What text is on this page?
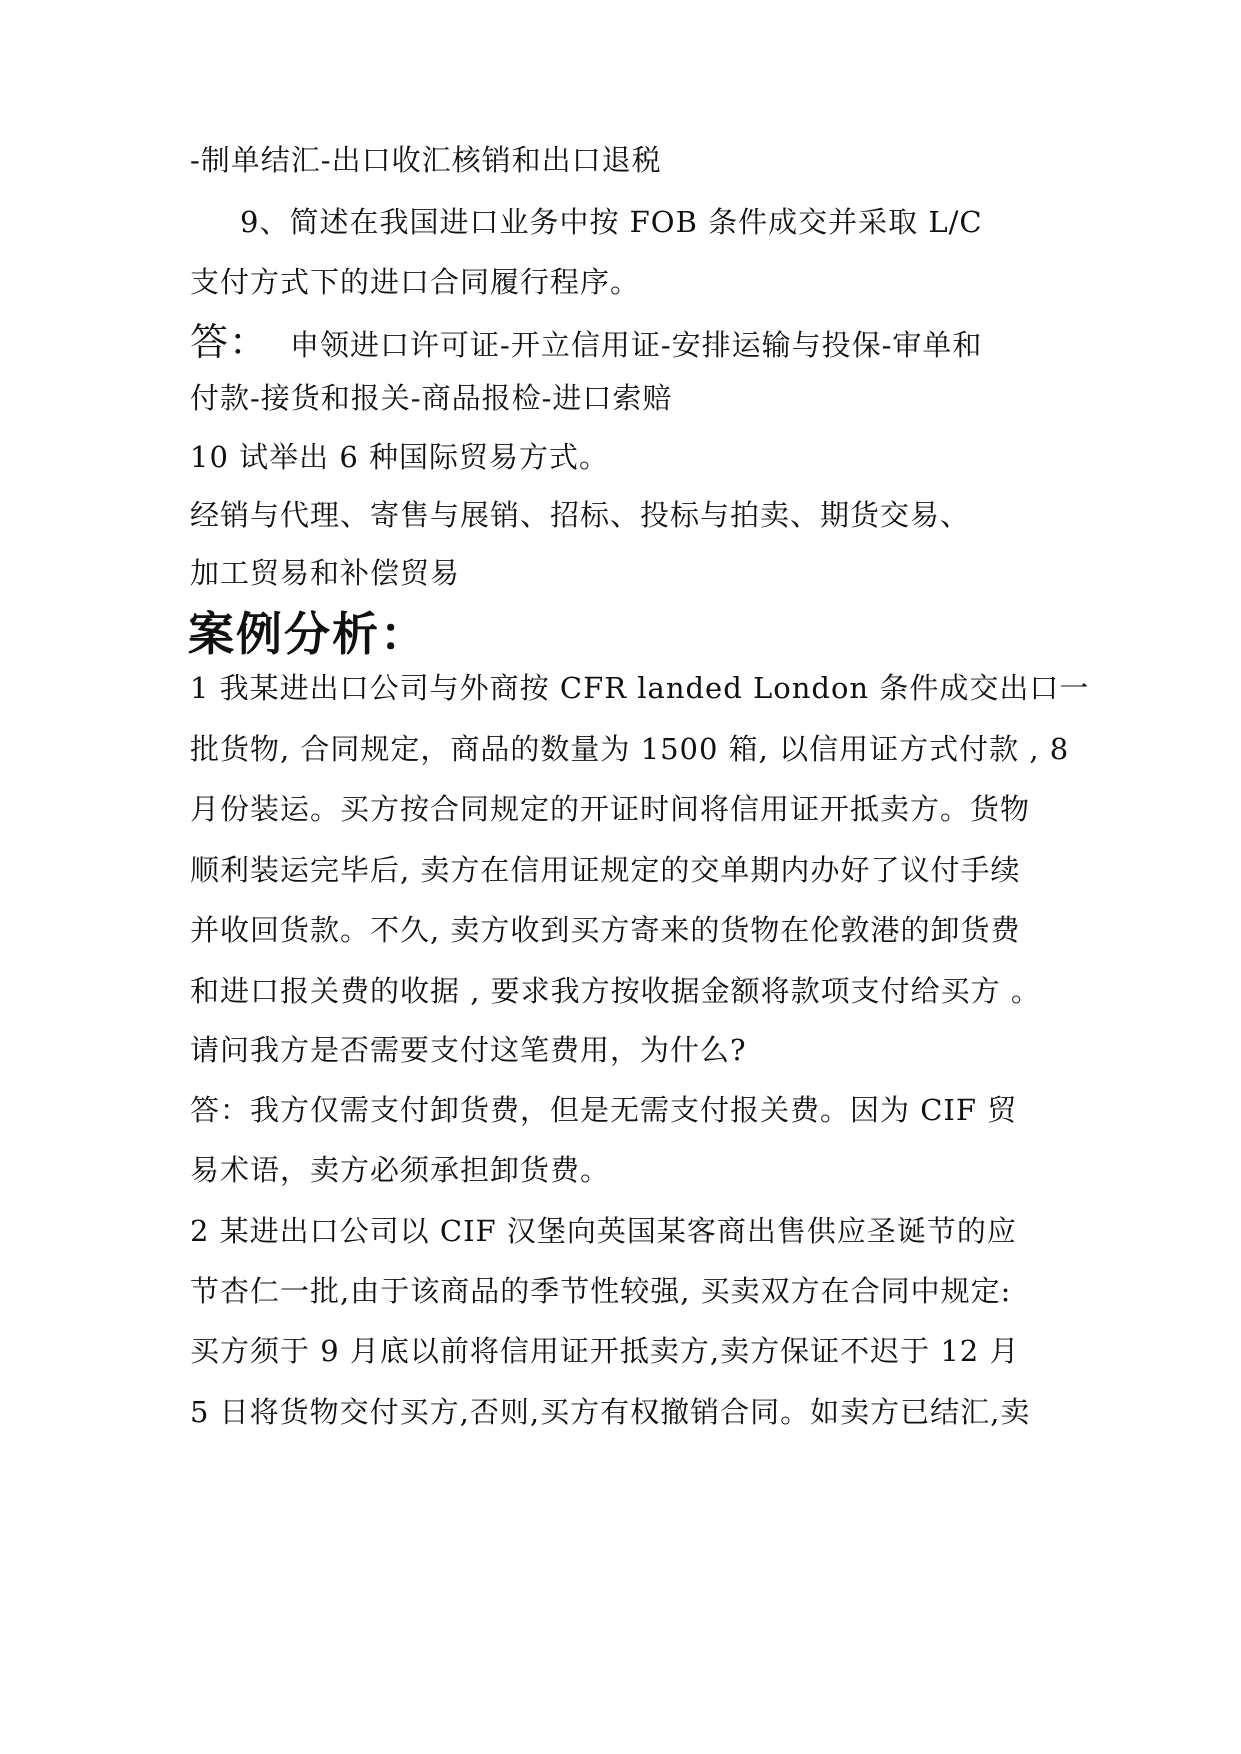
-制单结汇-出口收汇核销和出口退税
9、简述在我国进口业务中按 FOB 条件成交并采取 L/C
支付方式下的进口合同履行程序。
答： 申领进口许可证-开立信用证-安排运输与投保-审单和
付款-接货和报关-商品报检-进口索赔
10 试举出 6 种国际贸易方式。
经销与代理、寄售与展销、招标、投标与拍卖、期货交易、
加工贸易和补偿贸易
案例分析：
1 我某进出口公司与外商按 CFR landed London 条件成交出口一
批货物, 合同规定，商品的数量为 1500 箱, 以信用证方式付款 , 8
月份装运。买方按合同规定的开证时间将信用证开抵卖方。货物
顺利装运完毕后, 卖方在信用证规定的交单期内办好了议付手续
并收回货款。不久, 卖方收到买方寄来的货物在伦敦港的卸货费
和进口报关费的收据 , 要求我方按收据金额将款项支付给买方 。
请问我方是否需要支付这笔费用，为什么?
答：我方仅需支付卸货费，但是无需支付报关费。因为 CIF 贸
易术语，卖方必须承担卸货费。
2 某进出口公司以 CIF 汉堡向英国某客商出售供应圣诞节的应
节杏仁一批,由于该商品的季节性较强, 买卖双方在合同中规定:
买方须于 9 月底以前将信用证开抵卖方,卖方保证不迟于 12 月
5 日将货物交付买方,否则,买方有权撤销合同。如卖方已结汇,卖
